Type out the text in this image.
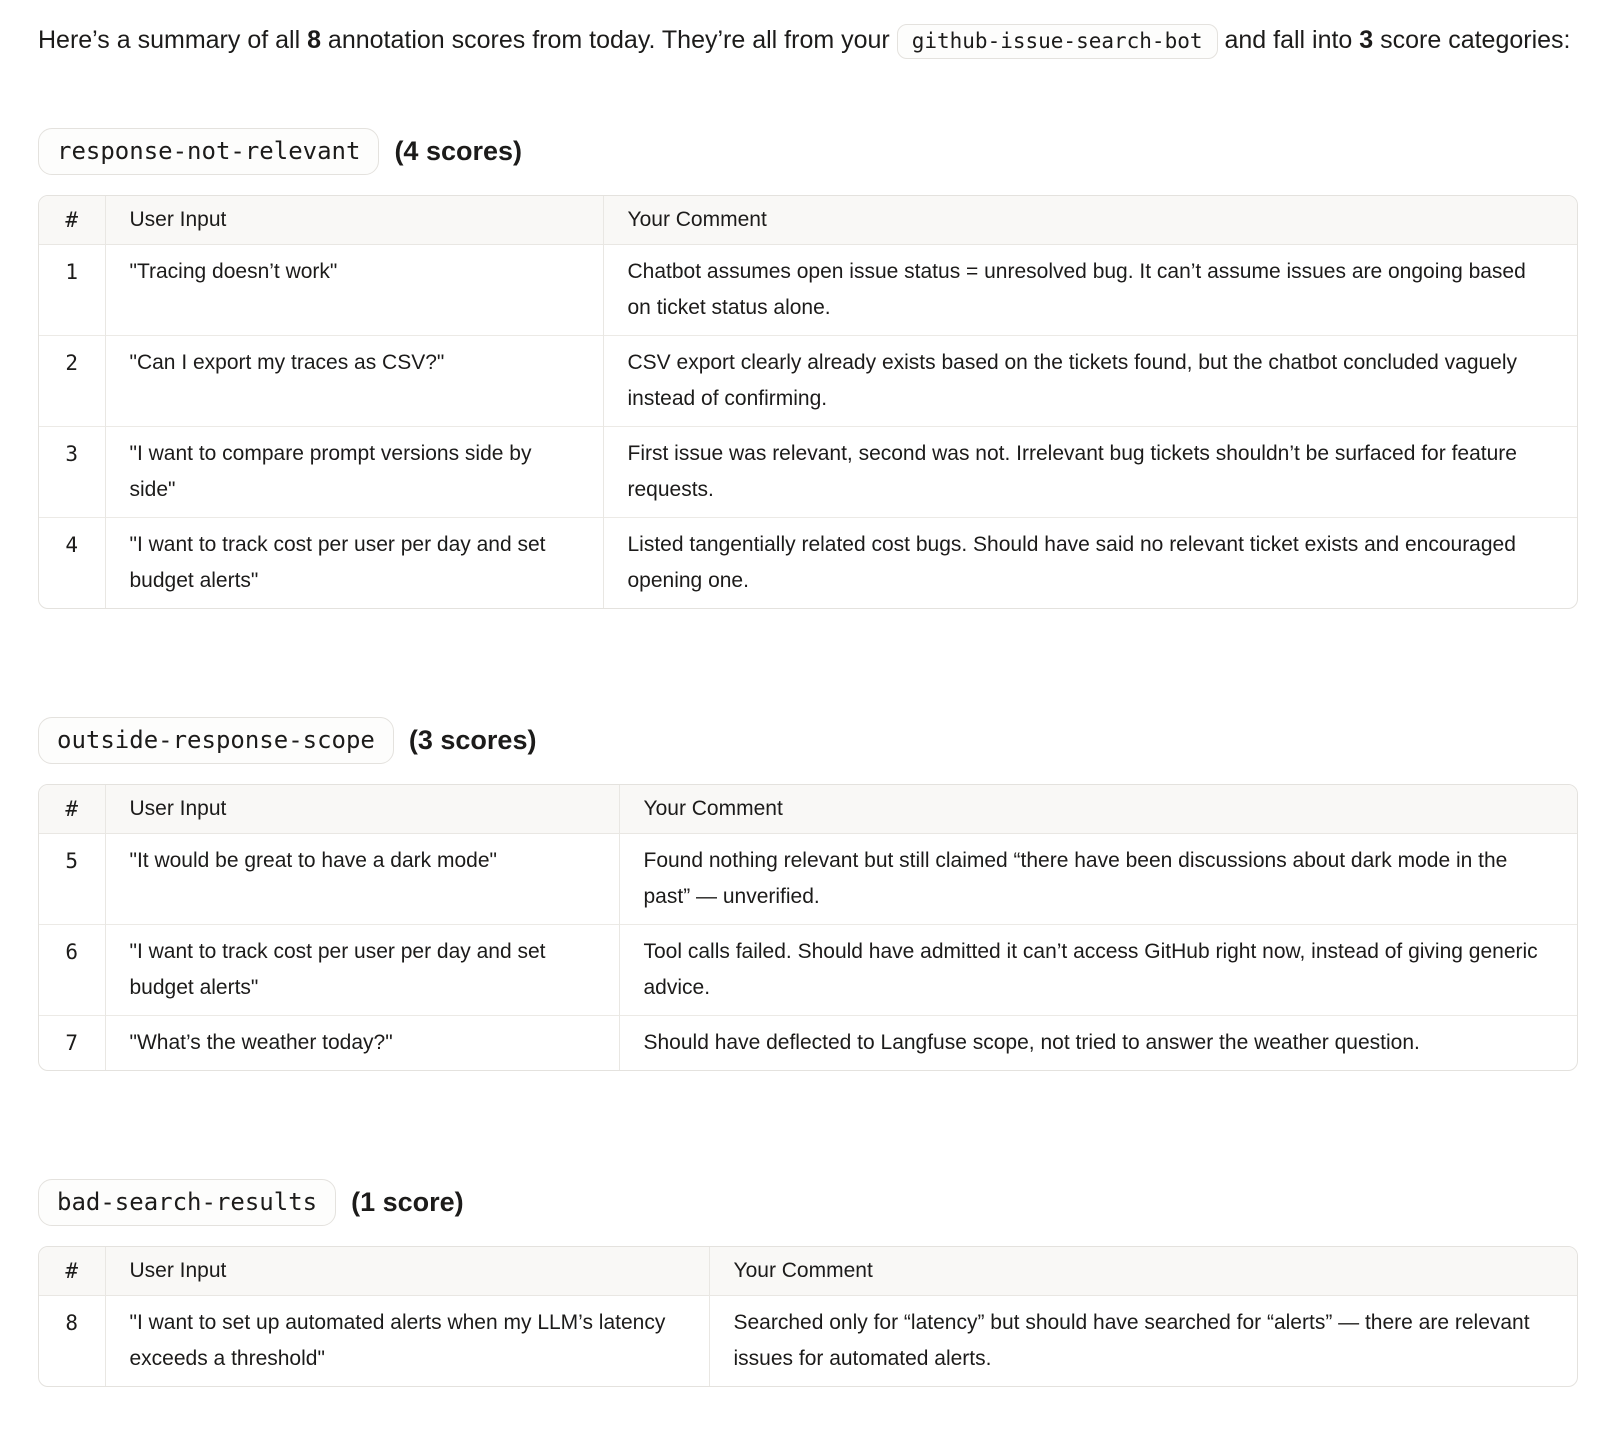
Here’s a summary of all 8 annotation scores from today. They’re all from your github-issue-search-bot and fall into 3 score categories:

response-not-relevant	(4 scores)
#	User Input	Your Comment
1	"Tracing doesn’t work"	Chatbot assumes open issue status = unresolved bug. It can’t assume issues are ongoing based on ticket status alone.
2	"Can I export my traces as CSV?"	CSV export clearly already exists based on the tickets found, but the chatbot concluded vaguely instead of confirming.
3	"I want to compare prompt versions side by side"	First issue was relevant, second was not. Irrelevant bug tickets shouldn’t be surfaced for feature requests.
4	"I want to track cost per user per day and set budget alerts"	Listed tangentially related cost bugs. Should have said no relevant ticket exists and encouraged opening one.
outside-response-scope	(3 scores)
#	User Input	Your Comment
5	"It would be great to have a dark mode"	Found nothing relevant but still claimed “there have been discussions about dark mode in the past” — unverified.
6	"I want to track cost per user per day and set budget alerts"	Tool calls failed. Should have admitted it can’t access GitHub right now, instead of giving generic advice.
7	"What’s the weather today?"	Should have deflected to Langfuse scope, not tried to answer the weather question.
bad-search-results	(1 score)
#	User Input	Your Comment
8	"I want to set up automated alerts when my LLM’s latency exceeds a threshold"	Searched only for “latency” but should have searched for “alerts” — there are relevant issues for automated alerts.
